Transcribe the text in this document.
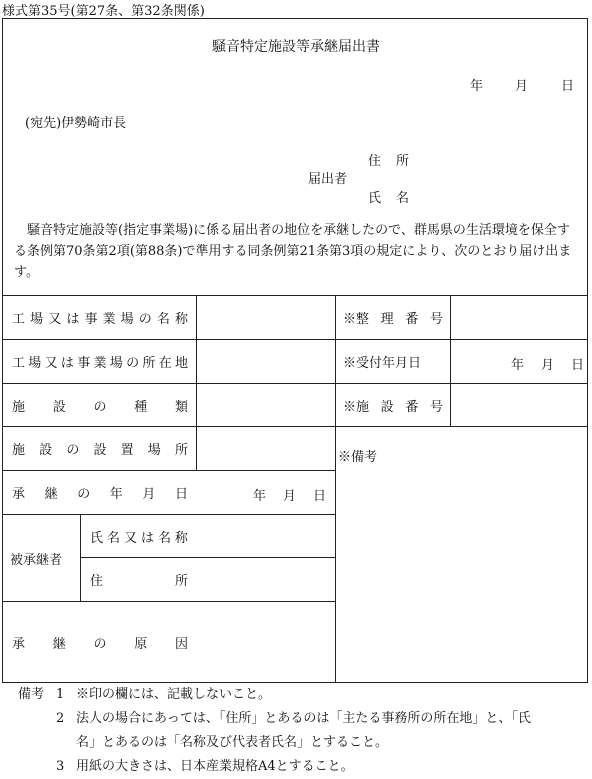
様式第35号(第27条、第32条関係)
騒音特定施設等承継届出書
年 月	日
(宛先)伊勢崎市長
住 所
届出者
氏 名
騒音特定施設等(指定事業場)に係る届出者の地位を承継したので、群馬県の生活環境を保全する条例第70条第2項(第88条)で準用する同条例第21条第3項の規定により、次のとおり届け出ます。
工 場 又 は 事 業 場 の 名 称
工 場 又 は 事 業 場 の 所 在 地
施 設 の 種 類
施 設 の 設 置 場 所
承 継 の 年 月 日
被承継者
氏 名 又 は 名 称
住	所
承 継 の 原 因
年 月 日
※整 理 番 号
※受付年月日
※施 設 番 号
年 月 日
※備考
備考 1 ※印の欄には、記載しないこと。
2 法人の場合にあっては、「住所」とあるのは「主たる事務所の所在地」と、「氏
名」とあるのは「名称及び代表者氏名」とすること。
3 用紙の大きさは、日本産業規格A4とすること。
